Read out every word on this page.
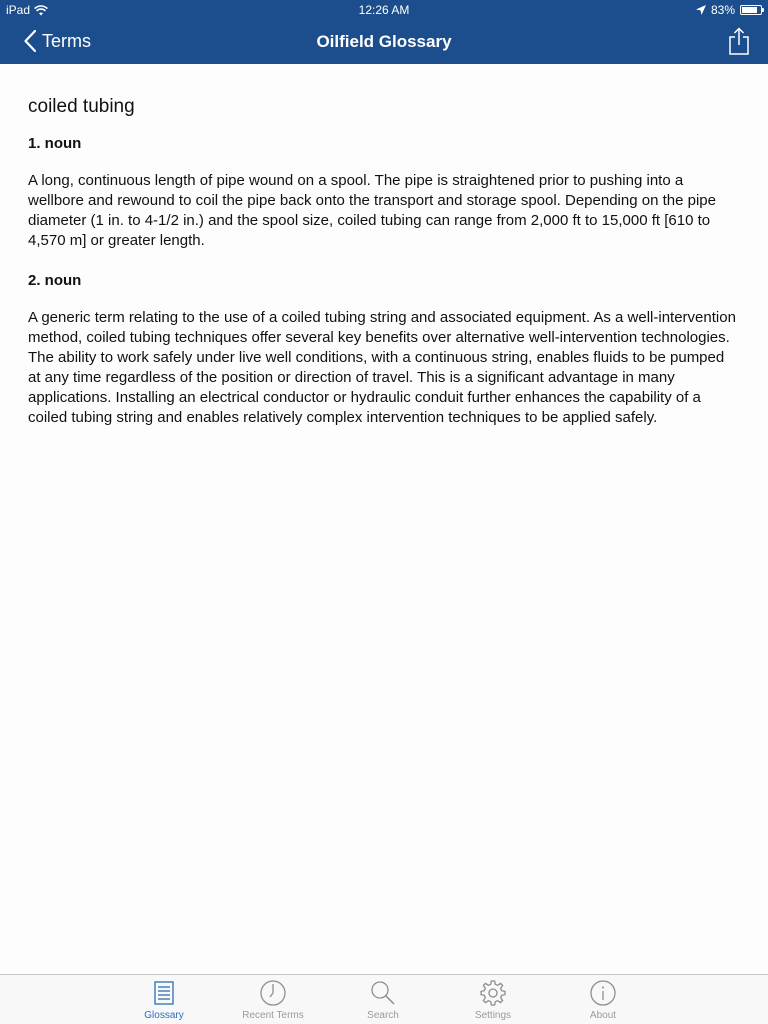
iPad	12:26 AM	83%
Terms	Oilfield Glossary
coiled tubing
1. noun

A long, continuous length of pipe wound on a spool. The pipe is straightened prior to pushing into a wellbore and rewound to coil the pipe back onto the transport and storage spool. Depending on the pipe diameter (1 in. to 4-1/2 in.) and the spool size, coiled tubing can range from 2,000 ft to 15,000 ft [610 to 4,570 m] or greater length.

2. noun

A generic term relating to the use of a coiled tubing string and associated equipment. As a well-intervention method, coiled tubing techniques offer several key benefits over alternative well-intervention technologies. The ability to work safely under live well conditions, with a continuous string, enables fluids to be pumped at any time regardless of the position or direction of travel. This is a significant advantage in many applications. Installing an electrical conductor or hydraulic conduit further enhances the capability of a coiled tubing string and enables relatively complex intervention techniques to be applied safely.

Glossary	Recent Terms	Search	Settings	About
